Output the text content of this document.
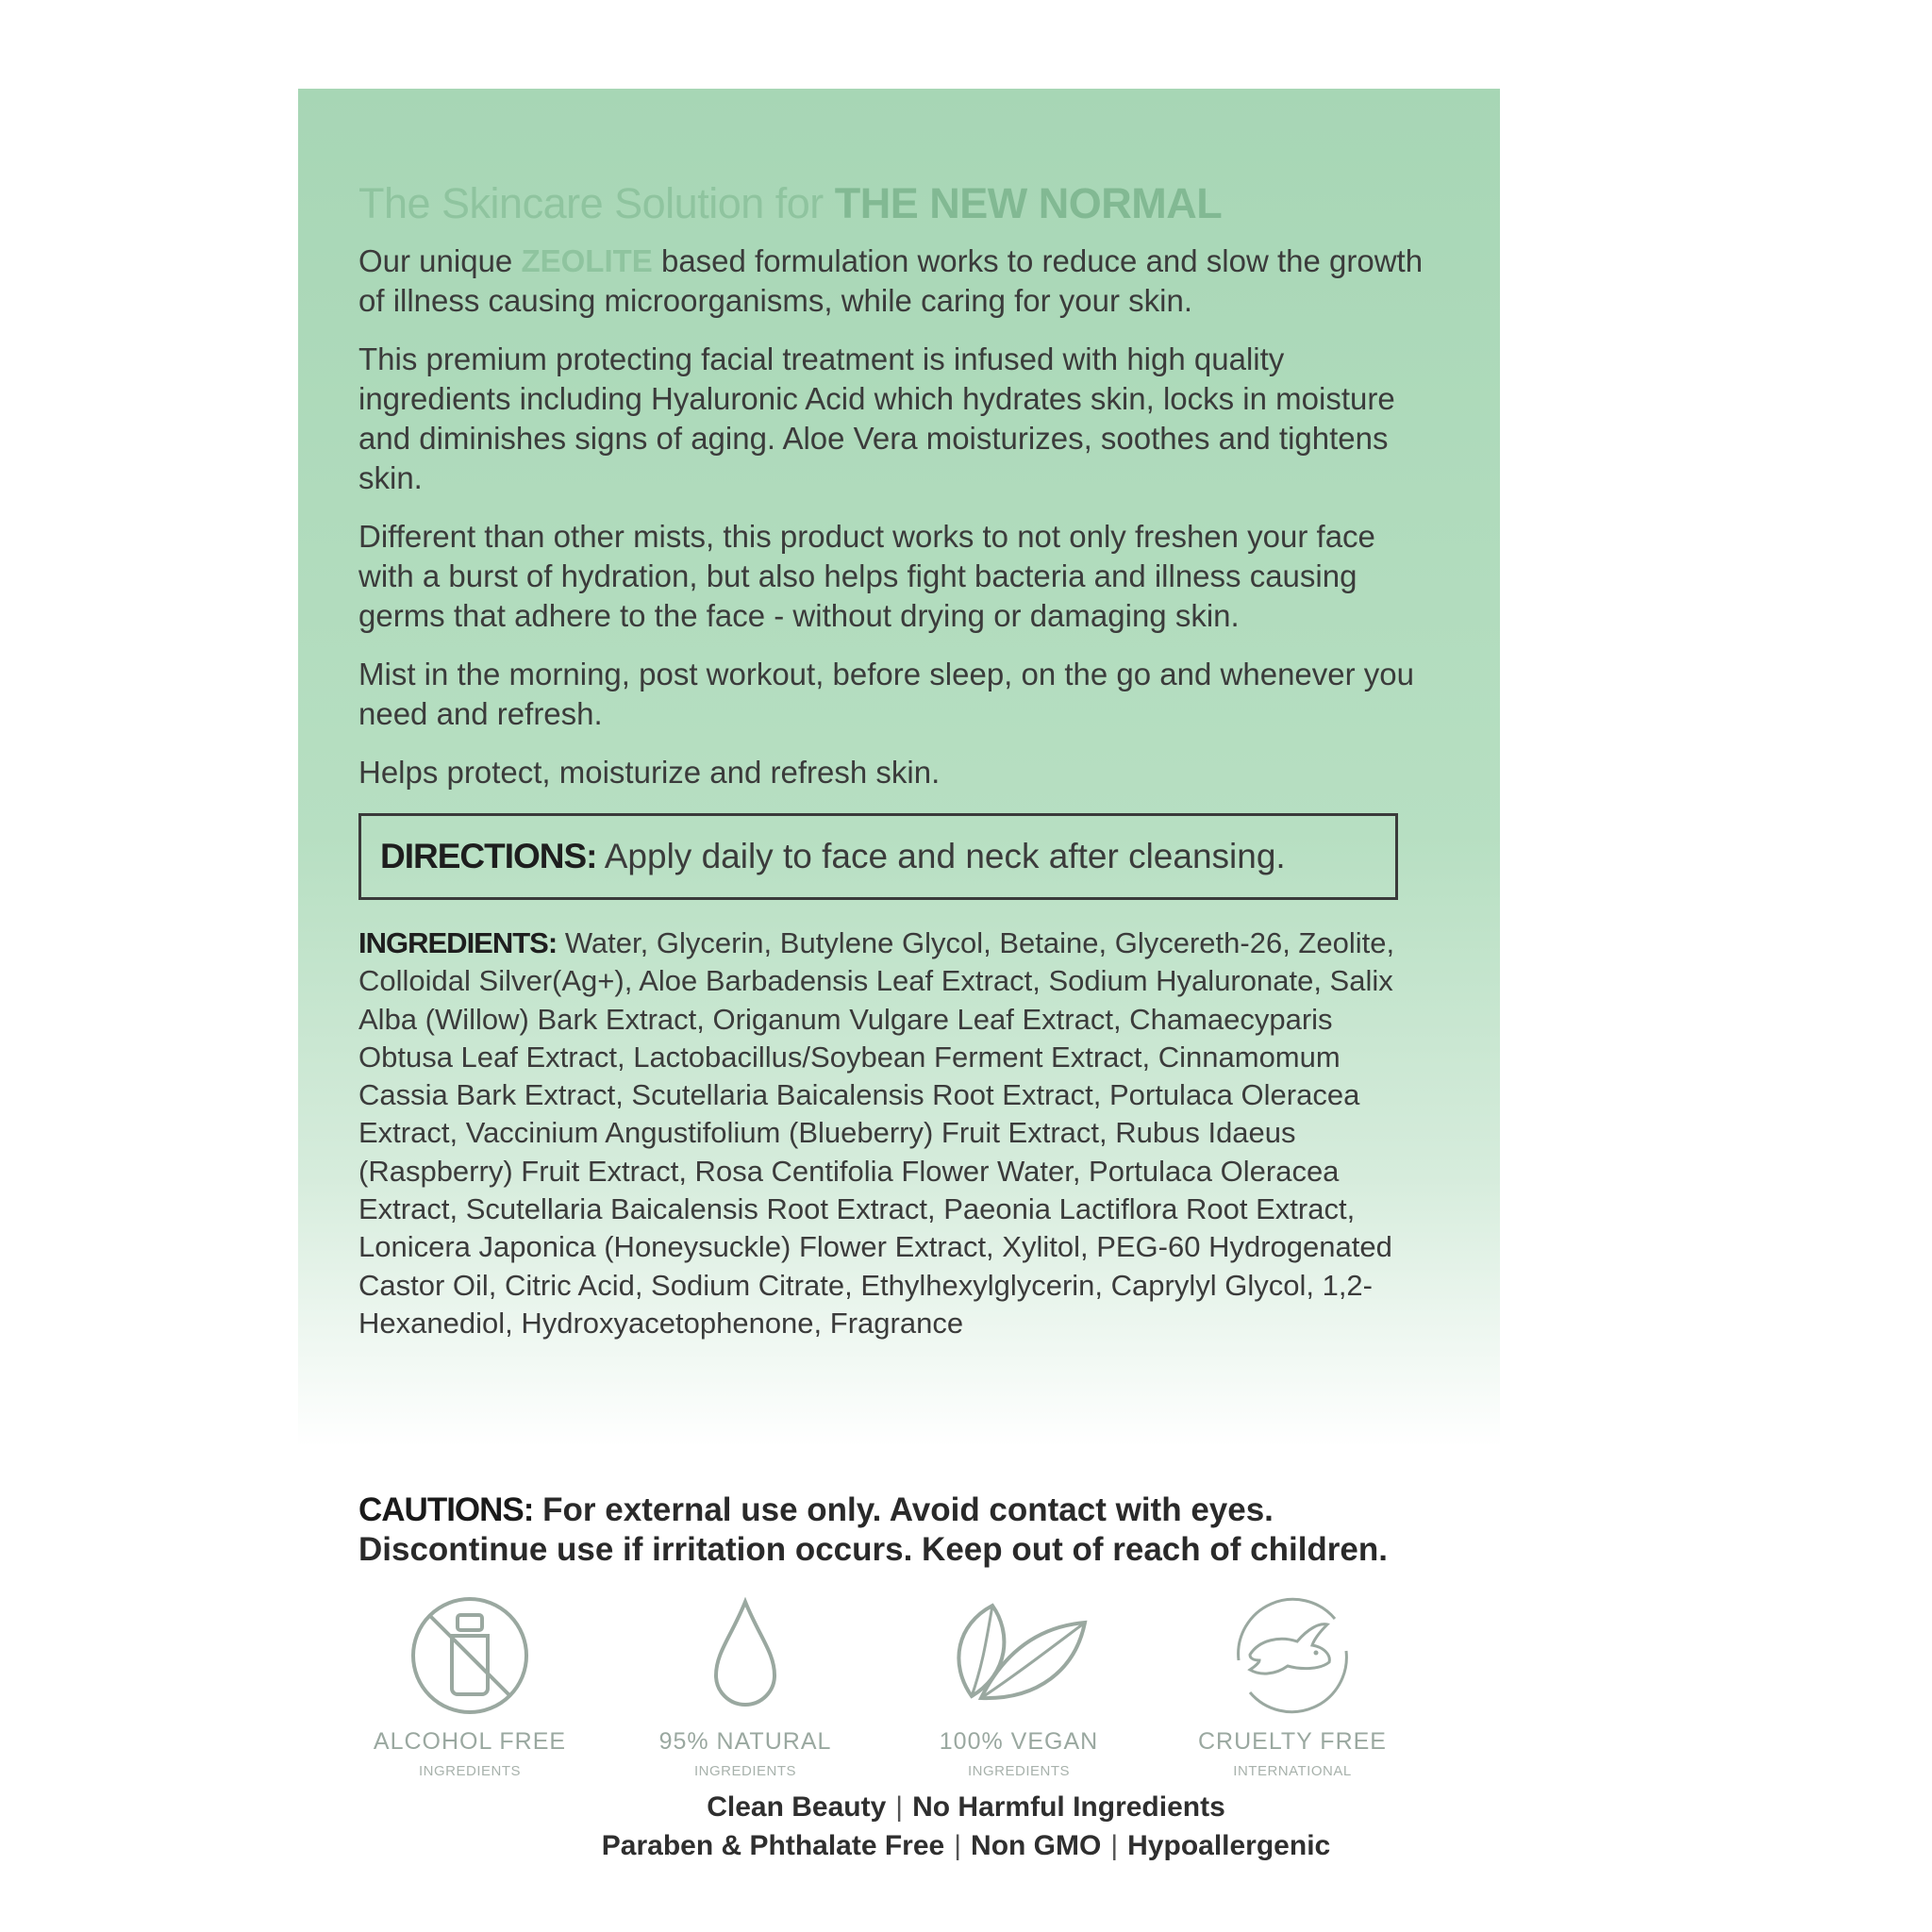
The Skincare Solution for THE NEW NORMAL

Our unique ZEOLITE based formulation works to reduce and slow the growth of illness causing microorganisms, while caring for your skin.

This premium protecting facial treatment is infused with high quality ingredients including Hyaluronic Acid which hydrates skin, locks in moisture and diminishes signs of aging. Aloe Vera moisturizes, soothes and tightens skin.

Different than other mists, this product works to not only freshen your face with a burst of hydration, but also helps fight bacteria and illness causing germs that adhere to the face - without drying or damaging skin.

Mist in the morning, post workout, before sleep, on the go and whenever you need and refresh.

Helps protect, moisturize and refresh skin.

DIRECTIONS: Apply daily to face and neck after cleansing.

INGREDIENTS: Water, Glycerin, Butylene Glycol, Betaine, Glycereth-26, Zeolite, Colloidal Silver(Ag+), Aloe Barbadensis Leaf Extract, Sodium Hyaluronate, Salix Alba (Willow) Bark Extract, Origanum Vulgare Leaf Extract, Chamaecyparis Obtusa Leaf Extract, Lactobacillus/Soybean Ferment Extract, Cinnamomum Cassia Bark Extract, Scutellaria Baicalensis Root Extract, Portulaca Oleracea Extract, Vaccinium Angustifolium (Blueberry) Fruit Extract, Rubus Idaeus (Raspberry) Fruit Extract, Rosa Centifolia Flower Water, Portulaca Oleracea Extract, Scutellaria Baicalensis Root Extract, Paeonia Lactiflora Root Extract, Lonicera Japonica (Honeysuckle) Flower Extract, Xylitol, PEG-60 Hydrogenated Castor Oil, Citric Acid, Sodium Citrate, Ethylhexylglycerin, Caprylyl Glycol, 1,2-Hexanediol, Hydroxyacetophenone, Fragrance

CAUTIONS: For external use only. Avoid contact with eyes.
Discontinue use if irritation occurs. Keep out of reach of children.
ALCOHOL FREE
INGREDIENTS
95% NATURAL
INGREDIENTS
100% VEGAN
INGREDIENTS
CRUELTY FREE
INTERNATIONAL
Clean Beauty | No Harmful Ingredients
Paraben & Phthalate Free | Non GMO | Hypoallergenic
